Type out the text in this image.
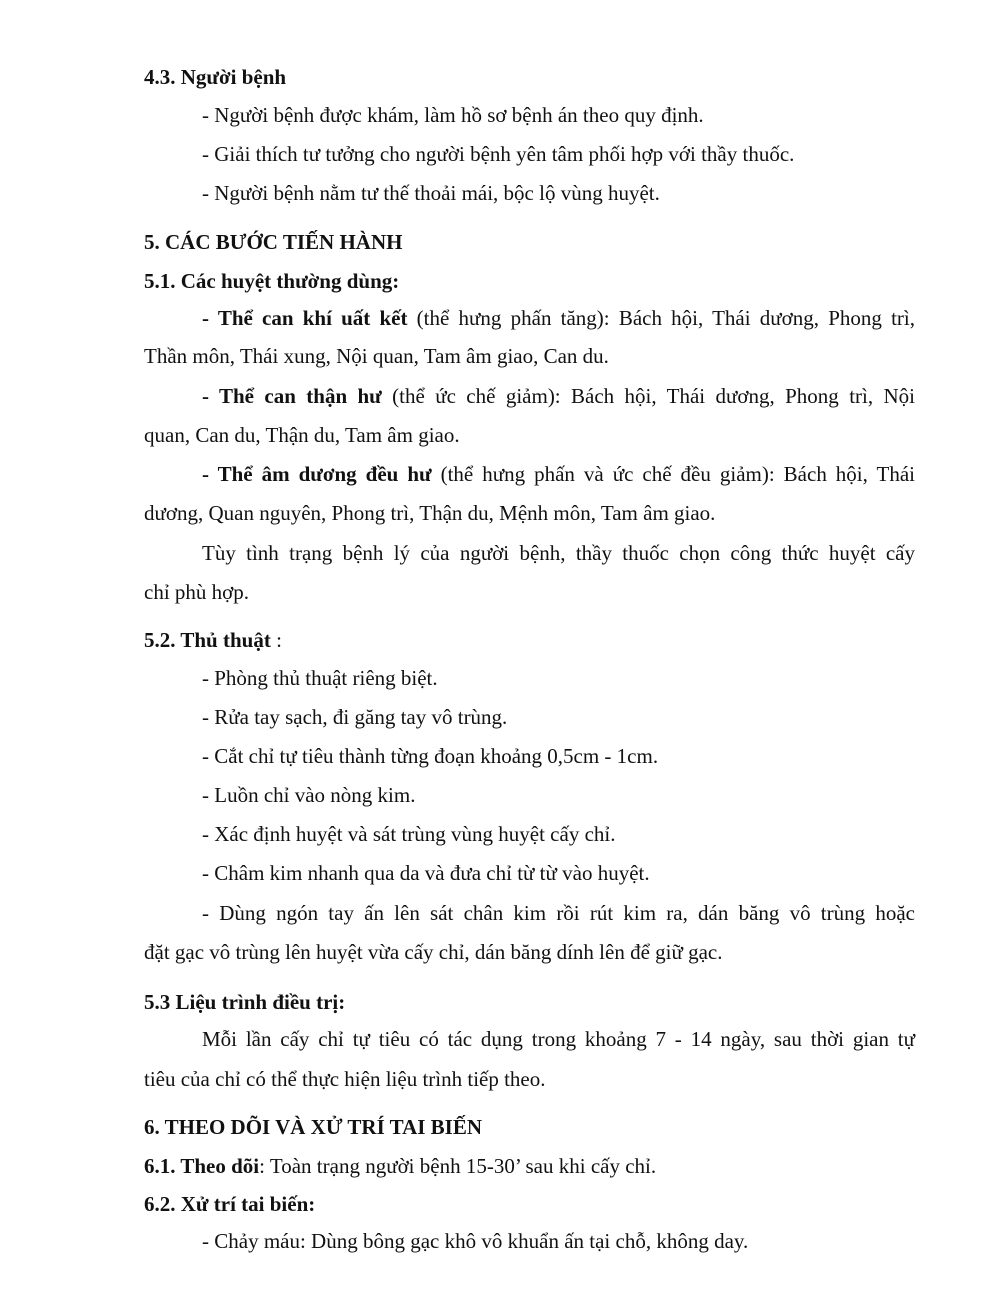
4.3. Người bệnh
- Người bệnh được khám, làm hồ sơ bệnh án theo quy định.
- Giải thích tư tưởng cho người bệnh yên tâm phối hợp với thầy thuốc.
- Người bệnh nằm tư thế thoải mái, bộc lộ vùng huyệt.
5. CÁC BƯỚC TIẾN HÀNH
5.1. Các huyệt thường dùng:
- Thể can khí uất kết (thể hưng phấn tăng): Bách hội, Thái dương, Phong trì,
Thần môn, Thái xung, Nội quan, Tam âm giao, Can du.
- Thể can thận hư (thể ức chế giảm): Bách hội, Thái dương, Phong trì, Nội
quan, Can du, Thận du, Tam âm giao.
- Thể âm dương đều hư (thể hưng phấn và ức chế đều giảm): Bách hội, Thái
dương, Quan nguyên, Phong trì, Thận du, Mệnh môn, Tam âm giao.
Tùy tình trạng bệnh lý của người bệnh, thầy thuốc chọn công thức huyệt cấy
chỉ phù hợp.
5.2. Thủ thuật :
- Phòng thủ thuật riêng biệt.
- Rửa tay sạch, đi găng tay vô trùng.
- Cắt chỉ tự tiêu thành từng đoạn khoảng 0,5cm - 1cm.
- Luồn chỉ vào nòng kim.
- Xác định huyệt và sát trùng vùng huyệt cấy chỉ.
- Châm kim nhanh qua da và đưa chỉ từ từ vào huyệt.
- Dùng ngón tay ấn lên sát chân kim rồi rút kim ra, dán băng vô trùng hoặc
đặt gạc vô trùng lên huyệt vừa cấy chỉ, dán băng dính lên để giữ gạc.
5.3 Liệu trình điều trị:
Mỗi lần cấy chỉ tự tiêu có tác dụng trong khoảng 7 - 14 ngày, sau thời gian tự
tiêu của chỉ có thể thực hiện liệu trình tiếp theo.
6. THEO DÕI VÀ XỬ TRÍ TAI BIẾN
6.1. Theo dõi: Toàn trạng người bệnh 15-30’ sau khi cấy chỉ.
6.2. Xử trí tai biến:
- Chảy máu: Dùng bông gạc khô vô khuẩn ấn tại chỗ, không day.
